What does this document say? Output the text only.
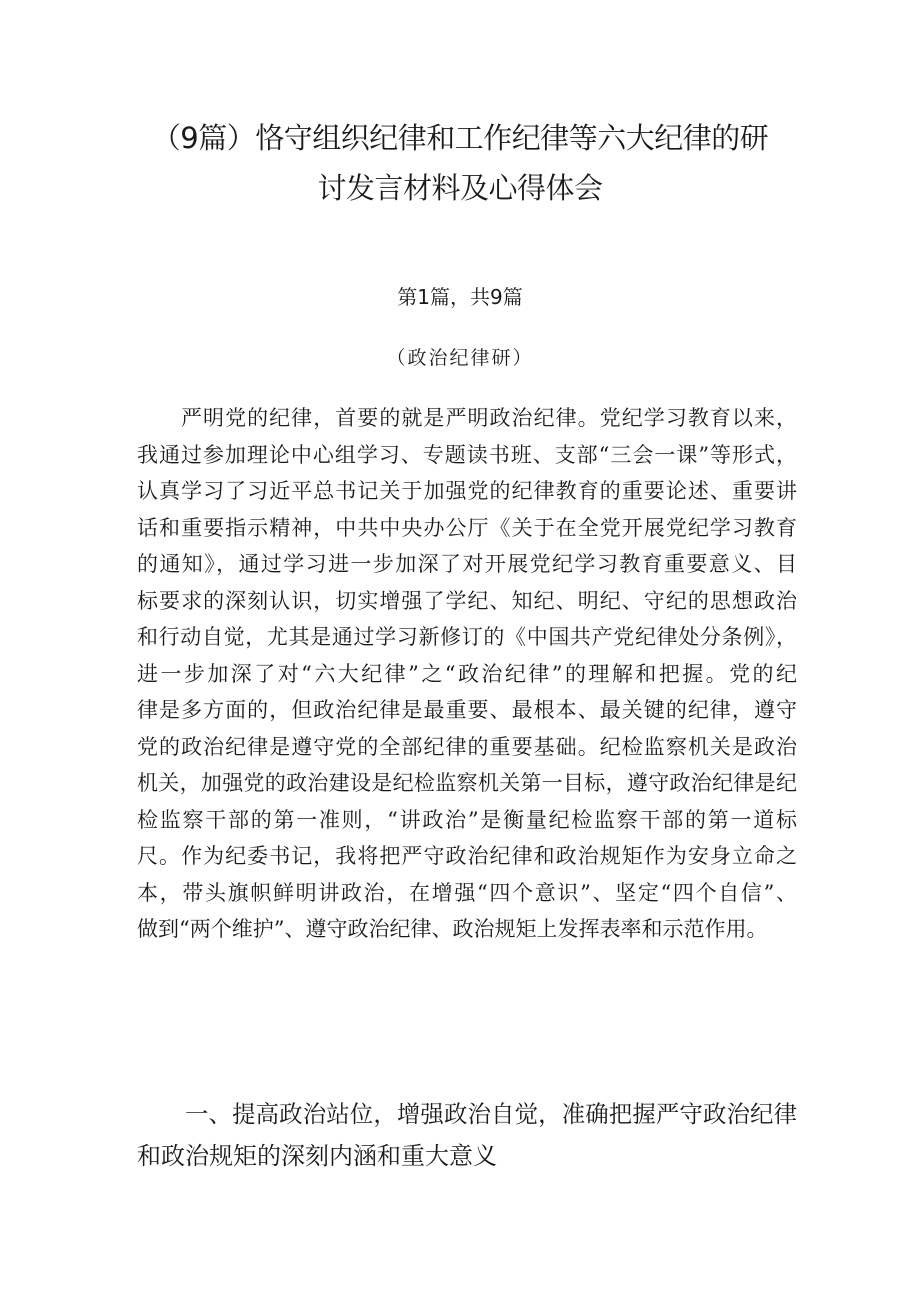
（9篇）恪守组织纪律和工作纪律等六大纪律的研
讨发言材料及心得体会

第1篇，共9篇

（政治纪律研）

严明党的纪律，首要的就是严明政治纪律。党纪学习教育以来，
我通过参加理论中心组学习、专题读书班、支部“三会一课”等形式，
认真学习了习近平总书记关于加强党的纪律教育的重要论述、重要讲
话和重要指示精神，中共中央办公厅《关于在全党开展党纪学习教育
的通知》，通过学习进一步加深了对开展党纪学习教育重要意义、目
标要求的深刻认识，切实增强了学纪、知纪、明纪、守纪的思想政治
和行动自觉，尤其是通过学习新修订的《中国共产党纪律处分条例》，
进一步加深了对“六大纪律”之“政治纪律”的理解和把握。党的纪
律是多方面的，但政治纪律是最重要、最根本、最关键的纪律，遵守
党的政治纪律是遵守党的全部纪律的重要基础。纪检监察机关是政治
机关，加强党的政治建设是纪检监察机关第一目标，遵守政治纪律是纪
检监察干部的第一准则，“讲政治”是衡量纪检监察干部的第一道标
尺。作为纪委书记，我将把严守政治纪律和政治规矩作为安身立命之
本，带头旗帜鲜明讲政治，在增强“四个意识”、坚定“四个自信”、
做到“两个维护”、遵守政治纪律、政治规矩上发挥表率和示范作用。
一、提高政治站位，增强政治自觉，准确把握严守政治纪律
和政治规矩的深刻内涵和重大意义
